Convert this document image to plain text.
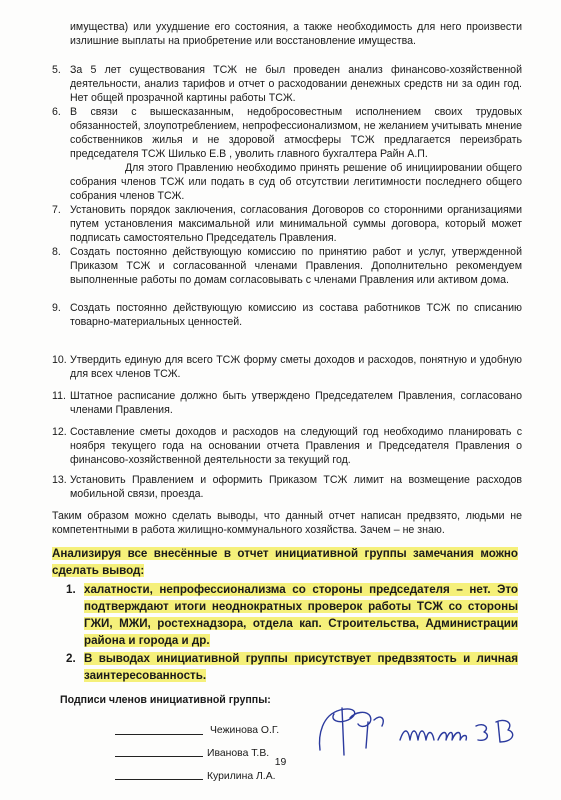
имущества) или ухудшение его состояния, а также необходимость для него произвести излишние выплаты на приобретение или восстановление имущества.
5. За 5 лет существования ТСЖ не был проведен анализ финансово-хозяйственной деятельности, анализ тарифов и отчет о расходовании денежных средств ни за один год. Нет общей прозрачной картины работы ТСЖ.
6. В связи с вышесказанным, недобросовестным исполнением своих трудовых обязанностей, злоупотреблением, непрофессионализмом, не желанием учитывать мнение собственников жилья и не здоровой атмосферы ТСЖ предлагается переизбрать председателя ТСЖ Шилько Е.В , уволить главного бухгалтера Райн А.П.
Для этого Правлению необходимо принять решение об инициировании общего собрания членов ТСЖ или подать в суд об отсутствии легитимности последнего общего собрания членов ТСЖ.
7. Установить порядок заключения, согласования Договоров со сторонними организациями путем установления максимальной или минимальной суммы договора, который может подписать самостоятельно Председатель Правления.
8. Создать постоянно действующую комиссию по принятию работ и услуг, утвержденной Приказом ТСЖ и согласованной членами Правления. Дополнительно рекомендуем выполненные работы по домам согласовывать с членами Правления или активом дома.
9. Создать постоянно действующую комиссию из состава работников ТСЖ по списанию товарно-материальных ценностей.
10. Утвердить единую для всего ТСЖ форму сметы доходов и расходов, понятную и удобную для всех членов ТСЖ.
11. Штатное расписание должно быть утверждено Председателем Правления, согласовано членами Правления.
12. Составление сметы доходов и расходов на следующий год необходимо планировать с ноября текущего года на основании отчета Правления и Председателя Правления о финансово-хозяйственной деятельности за текущий год.
13. Установить Правлением и оформить Приказом ТСЖ лимит на возмещение расходов мобильной связи, проезда.
Таким образом можно сделать выводы, что данный отчет написан предвзято, людьми не компетентными в работа жилищно-коммунального хозяйства. Зачем – не знаю.
Анализируя все внесённые в отчет инициативной группы замечания можно сделать вывод:
1. халатности, непрофессионализма со стороны председателя – нет. Это подтверждают итоги неоднократных проверок работы ТСЖ со стороны ГЖИ, МЖИ, ростехнадзора, отдела кап. Строительства, Администрации района и города и др.
2. В выводах инициативной группы присутствует предвзятость и личная заинтересованность.
Подписи членов инициативной группы:
Чежинова О.Г.
Иванова Т.В.
Курилина Л.А.
19
